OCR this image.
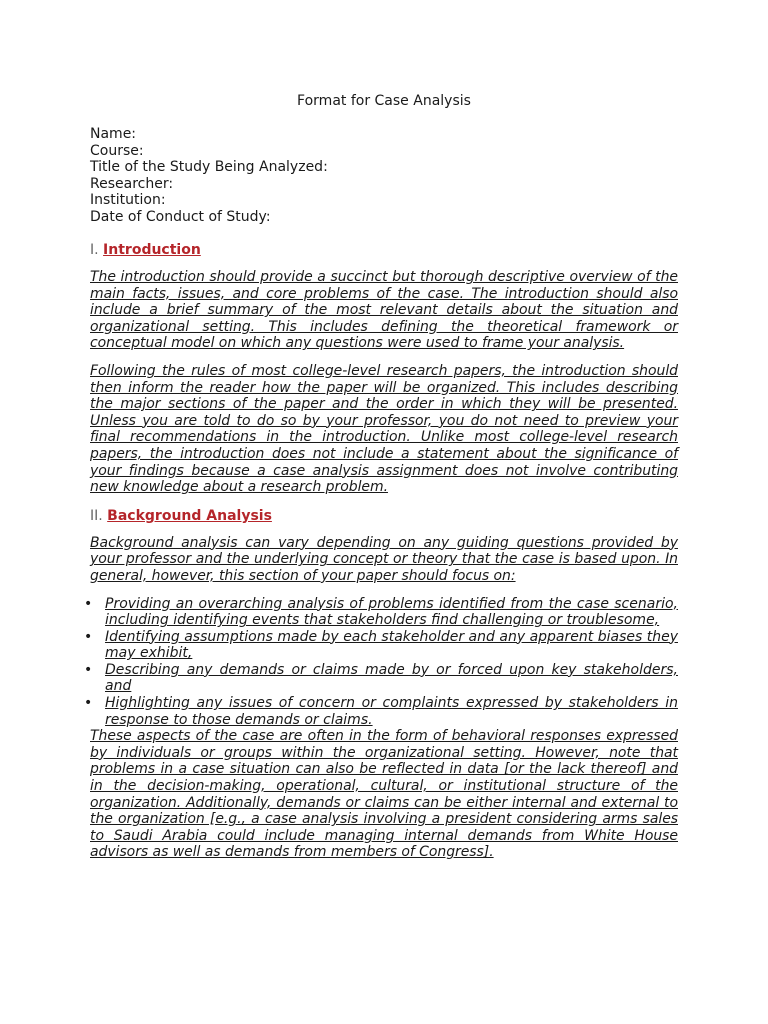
Format for Case Analysis

Name:

Course:

Title of the Study Being Analyzed:

Researcher:

Institution:

Date of Conduct of Study:

I. Introduction

The introduction should provide a succinct but thorough descriptive overview of the main facts, issues, and core problems of the case. The introduction should also include a brief summary of the most relevant details about the situation and organizational setting. This includes defining the theoretical framework or conceptual model on which any questions were used to frame your analysis.

Following the rules of most college-level research papers, the introduction should then inform the reader how the paper will be organized. This includes describing the major sections of the paper and the order in which they will be presented. Unless you are told to do so by your professor, you do not need to preview your final recommendations in the introduction. Unlike most college-level research papers, the introduction does not include a statement about the significance of your findings because a case analysis assignment does not involve contributing new knowledge about a research problem.

II. Background Analysis

Background analysis can vary depending on any guiding questions provided by your professor and the underlying concept or theory that the case is based upon. In general, however, this section of your paper should focus on:

• Providing an overarching analysis of problems identified from the case scenario, including identifying events that stakeholders find challenging or troublesome,
• Identifying assumptions made by each stakeholder and any apparent biases they may exhibit,
• Describing any demands or claims made by or forced upon key stakeholders, and
• Highlighting any issues of concern or complaints expressed by stakeholders in response to those demands or claims.

These aspects of the case are often in the form of behavioral responses expressed by individuals or groups within the organizational setting. However, note that problems in a case situation can also be reflected in data [or the lack thereof] and in the decision-making, operational, cultural, or institutional structure of the organization. Additionally, demands or claims can be either internal and external to the organization [e.g., a case analysis involving a president considering arms sales to Saudi Arabia could include managing internal demands from White House advisors as well as demands from members of Congress].
